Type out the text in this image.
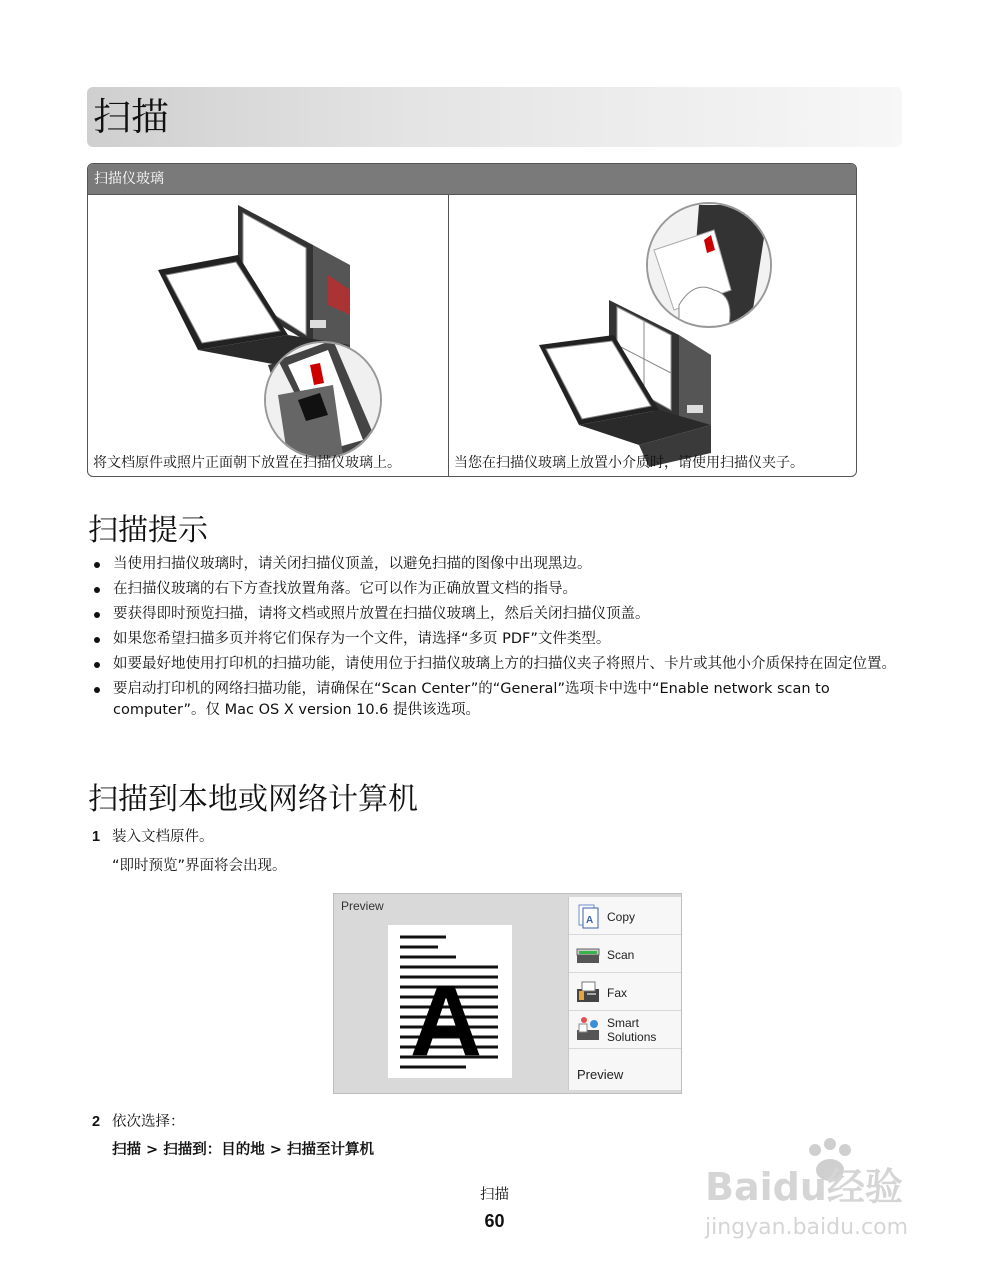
扫描
扫描仪玻璃
将文档原件或照片正面朝下放置在扫描仪玻璃上。	当您在扫描仪玻璃上放置小介质时，请使用扫描仪夹子。
扫描提示
当使用扫描仪玻璃时，请关闭扫描仪顶盖，以避免扫描的图像中出现黑边。
在扫描仪玻璃的右下方查找放置角落。它可以作为正确放置文档的指导。
要获得即时预览扫描，请将文档或照片放置在扫描仪玻璃上，然后关闭扫描仪顶盖。
如果您希望扫描多页并将它们保存为一个文件，请选择“多页 PDF”文件类型。
如要最好地使用打印机的扫描功能，请使用位于扫描仪玻璃上方的扫描仪夹子将照片、卡片或其他小介质保持在固定位置。
要启动打印机的网络扫描功能，请确保在“Scan Center”的“General”选项卡中选中“Enable network scan to computer”。仅 Mac OS X version 10.6 提供该选项。
扫描到本地或网络计算机
1 装入文档原件。
“即时预览”界面将会出现。
Preview
A
A Copy
Scan
Fax
Smart
Solutions
Preview
2 依次选择：
扫描 > 扫描到：目的地 > 扫描至计算机
扫描
60
Baidu经验
jingyan.baidu.com
